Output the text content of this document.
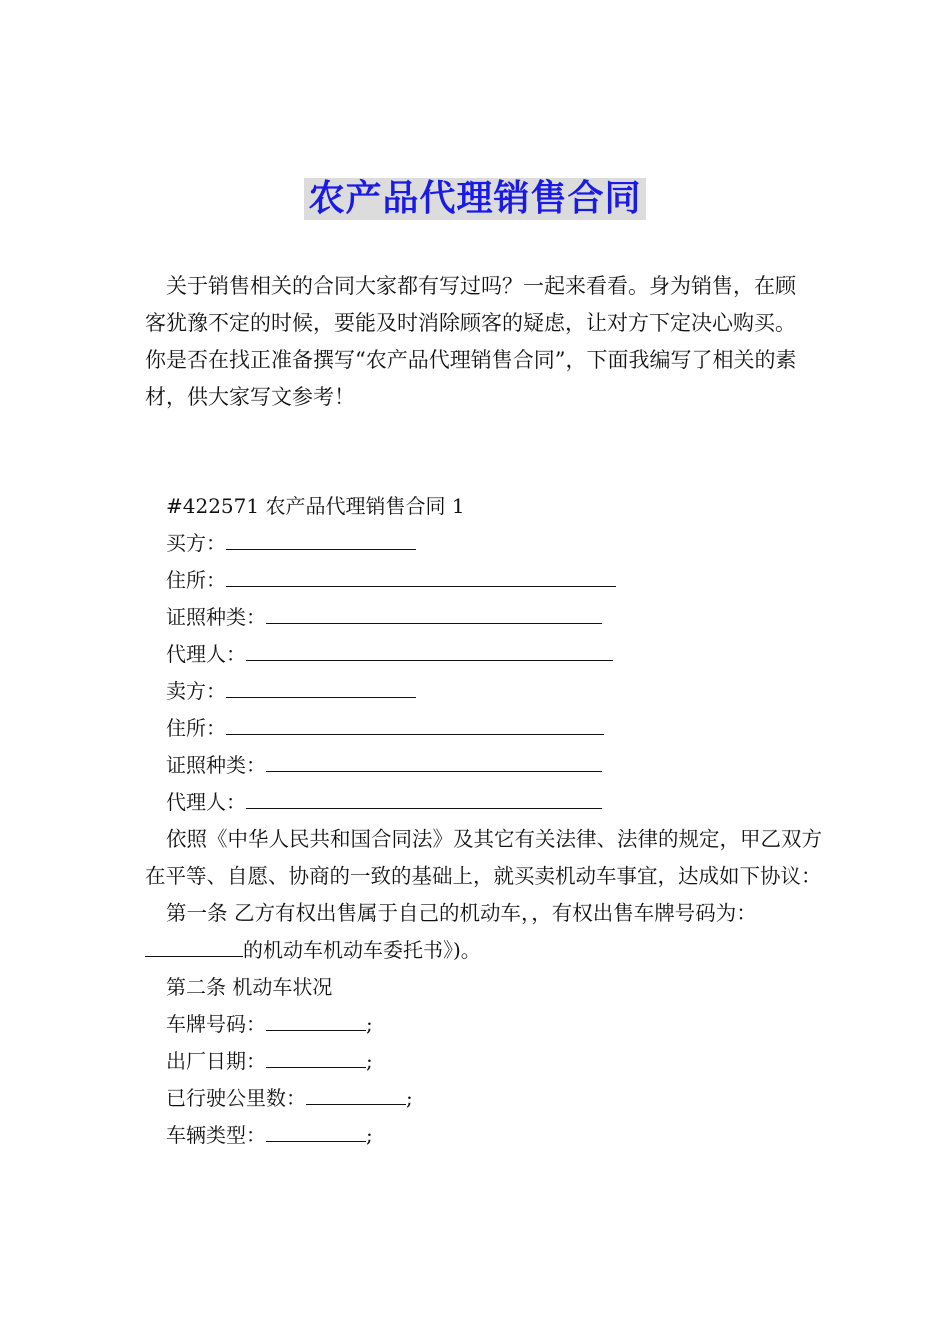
农产品代理销售合同

关于销售相关的合同大家都有写过吗？一起来看看。身为销售，在顾客犹豫不定的时候，要能及时消除顾客的疑虑，让对方下定决心购买。你是否在找正准备撰写“农产品代理销售合同”，下面我编写了相关的素材，供大家写文参考！

#422571 农产品代理销售合同 1
买方：
住所：
证照种类：
代理人：
卖方：
住所：
证照种类：
代理人：

依照《中华人民共和国合同法》及其它有关法律、法律的规定，甲乙双方在平等、自愿、协商的一致的基础上，就买卖机动车事宜，达成如下协议：

第一条 乙方有权出售属于自己的机动车，，有权出售车牌号码为：

的机动车机动车委托书》)。
第二条 机动车状况
车牌号码：	;
出厂日期：	;
已行驶公里数：	;
车辆类型：	;
